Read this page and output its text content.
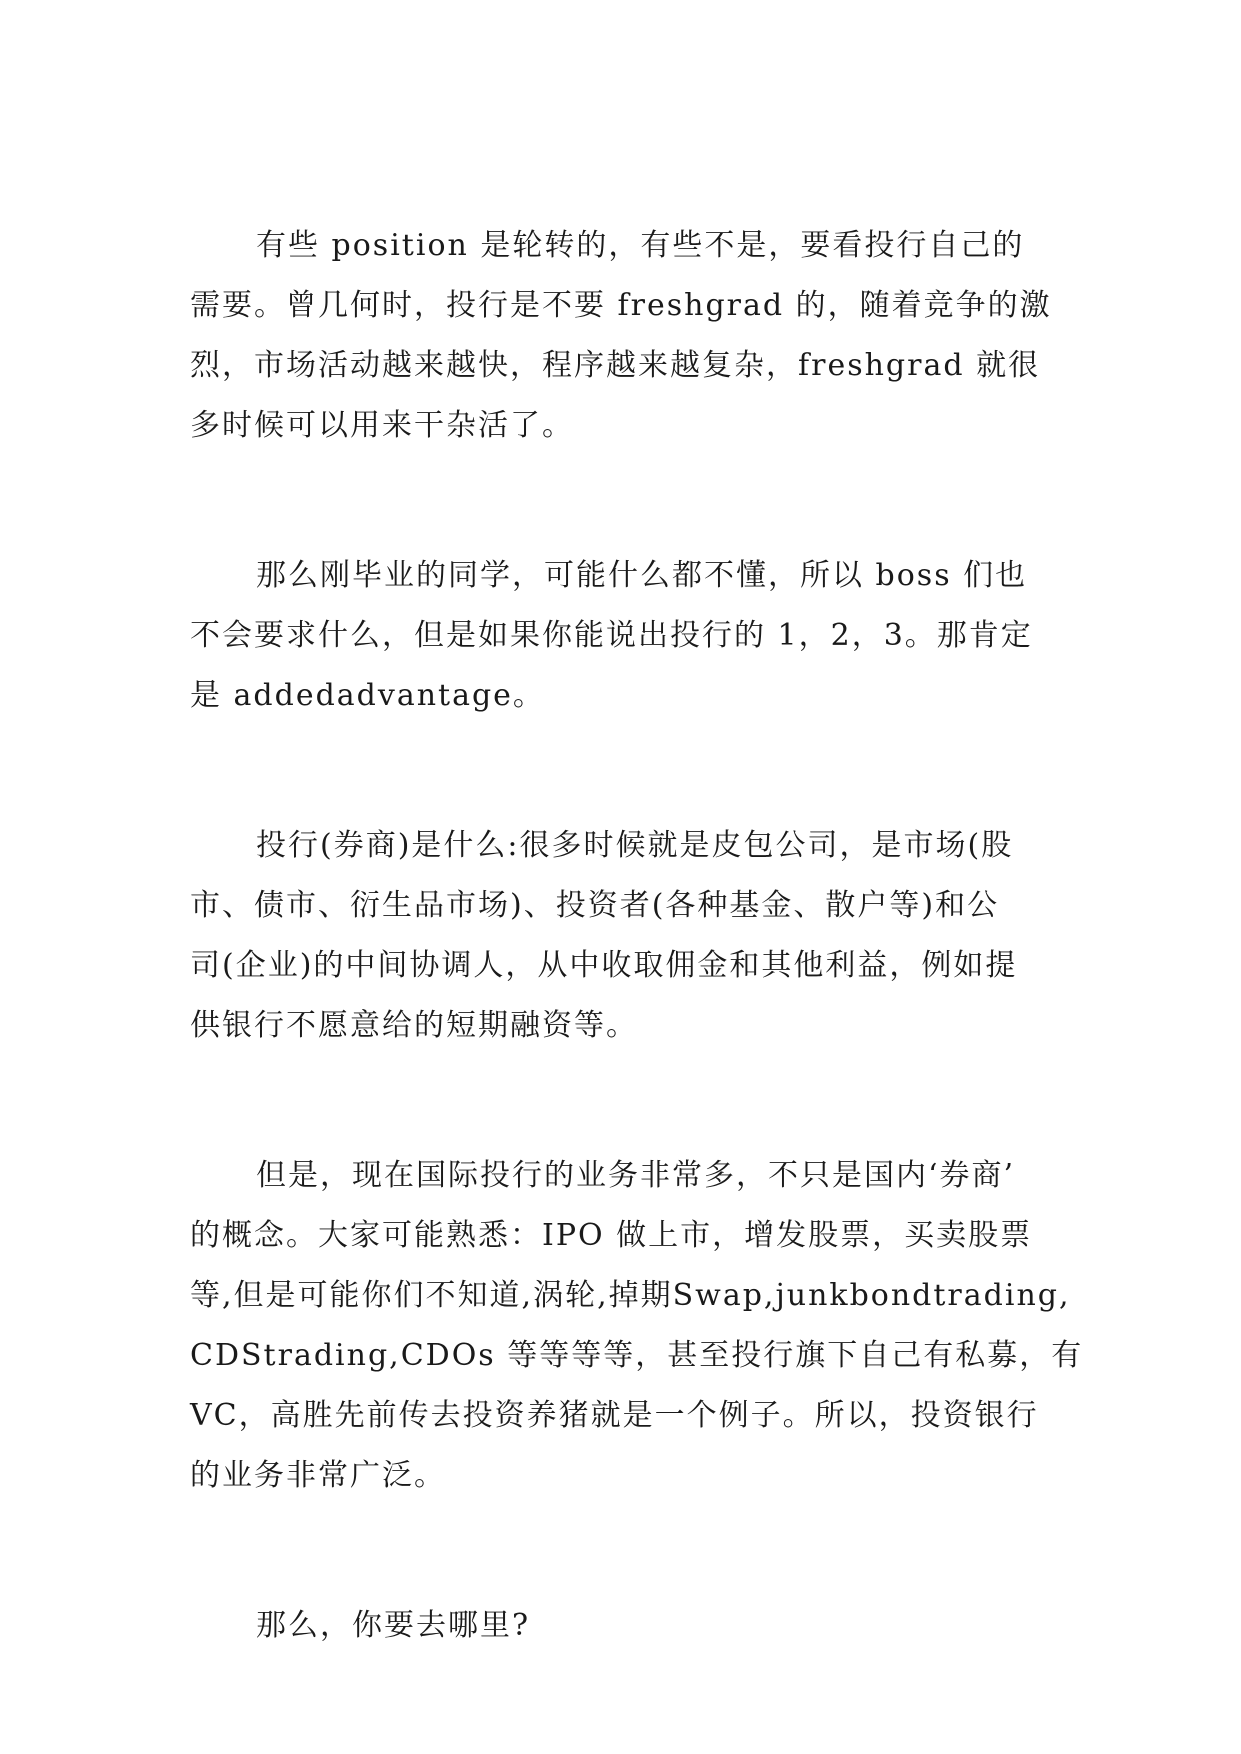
有些 position 是轮转的，有些不是，要看投行自己的
需要。曾几何时，投行是不要 freshgrad 的，随着竞争的激
烈，市场活动越来越快，程序越来越复杂，freshgrad 就很
多时候可以用来干杂活了。
那么刚毕业的同学，可能什么都不懂，所以 boss 们也
不会要求什么，但是如果你能说出投行的 1，2，3。那肯定
是 addedadvantage。
投行(券商)是什么:很多时候就是皮包公司，是市场(股
市、债市、衍生品市场)、投资者(各种基金、散户等)和公
司(企业)的中间协调人，从中收取佣金和其他利益，例如提
供银行不愿意给的短期融资等。
但是，现在国际投行的业务非常多，不只是国内‘券商’
的概念。大家可能熟悉：IPO 做上市，增发股票，买卖股票
等,但是可能你们不知道,涡轮,掉期Swap,junkbondtrading,
CDStrading,CDOs 等等等等，甚至投行旗下自己有私募，有
VC，高胜先前传去投资养猪就是一个例子。所以，投资银行
的业务非常广泛。
那么，你要去哪里?
